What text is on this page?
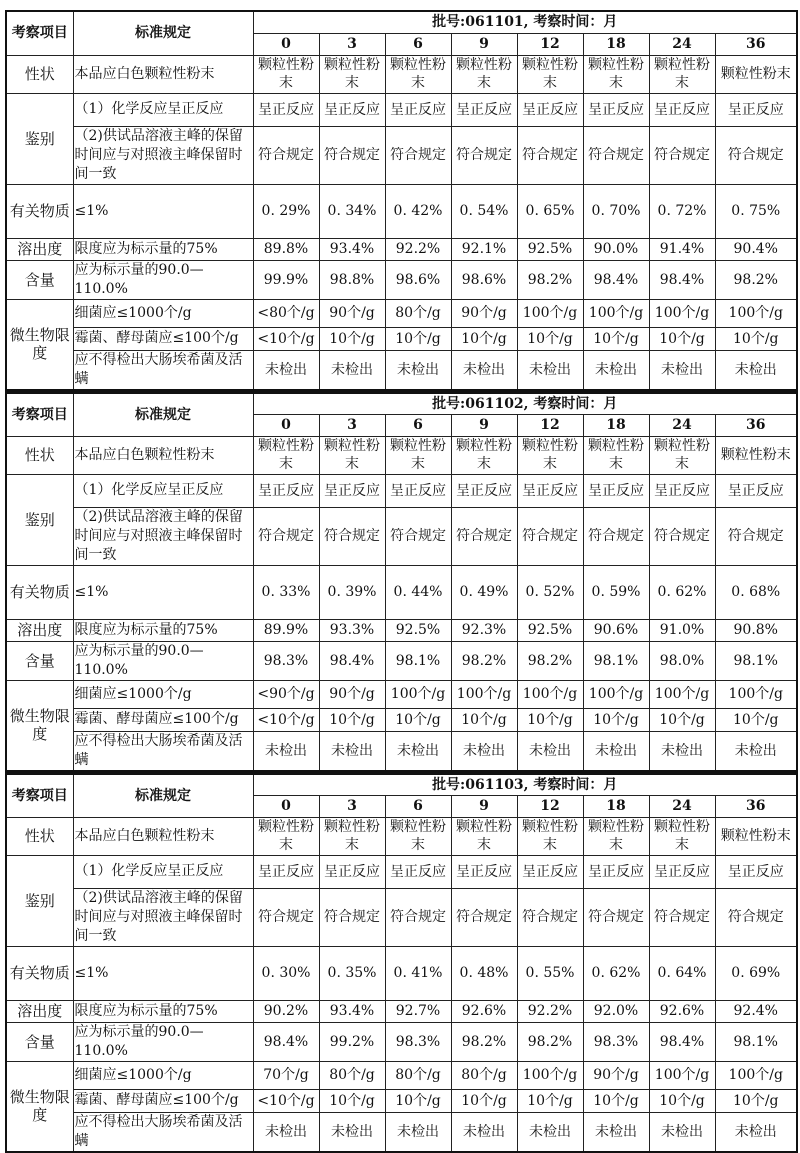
考察项目	标准规定	批号:061101, 考察时间：月
0	3	6	9	12	18	24	36
性状	本品应白色颗粒性粉末	颗粒性粉末	颗粒性粉末	颗粒性粉末	颗粒性粉末	颗粒性粉末	颗粒性粉末	颗粒性粉末	颗粒性粉末
鉴别	（1）化学反应呈正反应	呈正反应	呈正反应	呈正反应	呈正反应	呈正反应	呈正反应	呈正反应	呈正反应
（2)供试品溶液主峰的保留时间应与对照液主峰保留时间一致	符合规定	符合规定	符合规定	符合规定	符合规定	符合规定	符合规定	符合规定
有关物质	≤1%	0. 29%	0. 34%	0. 42%	0. 54%	0. 65%	0. 70%	0. 72%	0. 75%
溶出度	限度应为标示量的75%	89.8%	93.4%	92.2%	92.1%	92.5%	90.0%	91.4%	90.4%
含量	应为标示量的90.0—110.0%	99.9%	98.8%	98.6%	98.6%	98.2%	98.4%	98.4%	98.2%
微生物限度	细菌应≤1000个/g	<80个/g	90个/g	80个/g	90个/g	100个/g	100个/g	100个/g	100个/g
霉菌、酵母菌应≤100个/g	<10个/g	10个/g	10个/g	10个/g	10个/g	10个/g	10个/g	10个/g
应不得检出大肠埃希菌及活螨	未检出	未检出	未检出	未检出	未检出	未检出	未检出	未检出
考察项目	标准规定	批号:061102, 考察时间：月
0	3	6	9	12	18	24	36
性状	本品应白色颗粒性粉末	颗粒性粉末	颗粒性粉末	颗粒性粉末	颗粒性粉末	颗粒性粉末	颗粒性粉末	颗粒性粉末	颗粒性粉末
鉴别	（1）化学反应呈正反应	呈正反应	呈正反应	呈正反应	呈正反应	呈正反应	呈正反应	呈正反应	呈正反应
（2)供试品溶液主峰的保留时间应与对照液主峰保留时间一致	符合规定	符合规定	符合规定	符合规定	符合规定	符合规定	符合规定	符合规定
有关物质	≤1%	0. 33%	0. 39%	0. 44%	0. 49%	0. 52%	0. 59%	0. 62%	0. 68%
溶出度	限度应为标示量的75%	89.9%	93.3%	92.5%	92.3%	92.5%	90.6%	91.0%	90.8%
含量	应为标示量的90.0—110.0%	98.3%	98.4%	98.1%	98.2%	98.2%	98.1%	98.0%	98.1%
微生物限度	细菌应≤1000个/g	<90个/g	90个/g	100个/g	100个/g	100个/g	100个/g	100个/g	100个/g
霉菌、酵母菌应≤100个/g	<10个/g	10个/g	10个/g	10个/g	10个/g	10个/g	10个/g	10个/g
应不得检出大肠埃希菌及活螨	未检出	未检出	未检出	未检出	未检出	未检出	未检出	未检出
考察项目	标准规定	批号:061103, 考察时间：月
0	3	6	9	12	18	24	36
性状	本品应白色颗粒性粉末	颗粒性粉末	颗粒性粉末	颗粒性粉末	颗粒性粉末	颗粒性粉末	颗粒性粉末	颗粒性粉末	颗粒性粉末
鉴别	（1）化学反应呈正反应	呈正反应	呈正反应	呈正反应	呈正反应	呈正反应	呈正反应	呈正反应	呈正反应
（2)供试品溶液主峰的保留时间应与对照液主峰保留时间一致	符合规定	符合规定	符合规定	符合规定	符合规定	符合规定	符合规定	符合规定
有关物质	≤1%	0. 30%	0. 35%	0. 41%	0. 48%	0. 55%	0. 62%	0. 64%	0. 69%
溶出度	限度应为标示量的75%	90.2%	93.4%	92.7%	92.6%	92.2%	92.0%	92.6%	92.4%
含量	应为标示量的90.0—110.0%	98.4%	99.2%	98.3%	98.2%	98.2%	98.3%	98.4%	98.1%
微生物限度	细菌应≤1000个/g	70个/g	80个/g	80个/g	80个/g	100个/g	90个/g	100个/g	100个/g
霉菌、酵母菌应≤100个/g	<10个/g	10个/g	10个/g	10个/g	10个/g	10个/g	10个/g	10个/g
应不得检出大肠埃希菌及活螨	未检出	未检出	未检出	未检出	未检出	未检出	未检出	未检出
